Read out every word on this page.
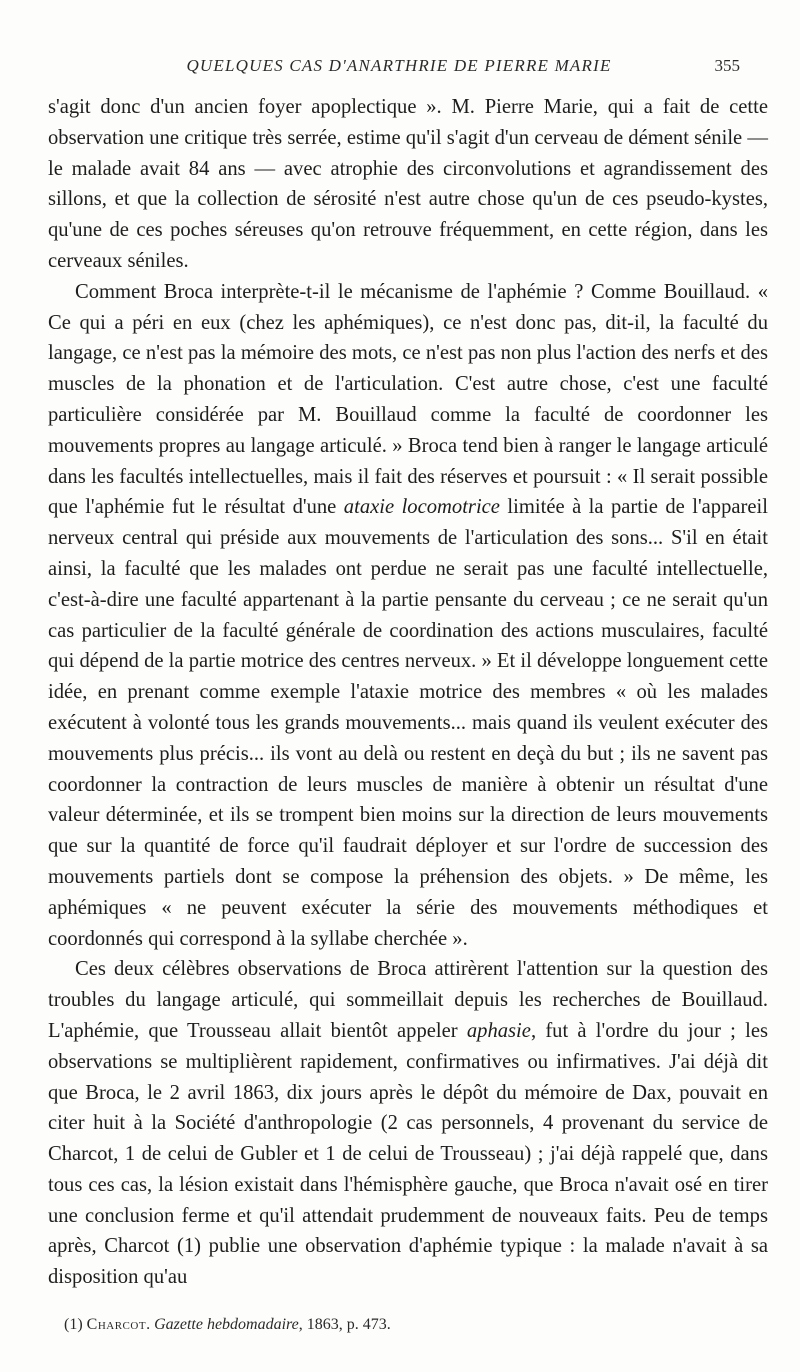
QUELQUES CAS D'ANARTHRIE DE PIERRE MARIE	355

s'agit donc d'un ancien foyer apoplectique ». M. Pierre Marie, qui a fait de cette observation une critique très serrée, estime qu'il s'agit d'un cerveau de dément sénile — le malade avait 84 ans — avec atrophie des circonvolutions et agrandissement des sillons, et que la collection de sérosité n'est autre chose qu'un de ces pseudo-kystes, qu'une de ces poches séreuses qu'on retrouve fréquemment, en cette région, dans les cerveaux séniles.

Comment Broca interprète-t-il le mécanisme de l'aphémie ? Comme Bouillaud. « Ce qui a péri en eux (chez les aphémiques), ce n'est donc pas, dit-il, la faculté du langage, ce n'est pas la mémoire des mots, ce n'est pas non plus l'action des nerfs et des muscles de la phonation et de l'articulation. C'est autre chose, c'est une faculté particulière considérée par M. Bouillaud comme la faculté de coordonner les mouvements propres au langage articulé. » Broca tend bien à ranger le langage articulé dans les facultés intellectuelles, mais il fait des réserves et poursuit : « Il serait possible que l'aphémie fut le résultat d'une ataxie locomotrice limitée à la partie de l'appareil nerveux central qui préside aux mouvements de l'articulation des sons... S'il en était ainsi, la faculté que les malades ont perdue ne serait pas une faculté intellectuelle, c'est-à-dire une faculté appartenant à la partie pensante du cerveau ; ce ne serait qu'un cas particulier de la faculté générale de coordination des actions musculaires, faculté qui dépend de la partie motrice des centres nerveux. » Et il développe longuement cette idée, en prenant comme exemple l'ataxie motrice des membres « où les malades exécutent à volonté tous les grands mouvements... mais quand ils veulent exécuter des mouvements plus précis... ils vont au delà ou restent en deçà du but ; ils ne savent pas coordonner la contraction de leurs muscles de manière à obtenir un résultat d'une valeur déterminée, et ils se trompent bien moins sur la direction de leurs mouvements que sur la quantité de force qu'il faudrait déployer et sur l'ordre de succession des mouvements partiels dont se compose la préhension des objets. » De même, les aphémiques « ne peuvent exécuter la série des mouvements méthodiques et coordonnés qui correspond à la syllabe cherchée ».

Ces deux célèbres observations de Broca attirèrent l'attention sur la question des troubles du langage articulé, qui sommeillait depuis les recherches de Bouillaud. L'aphémie, que Trousseau allait bientôt appeler aphasie, fut à l'ordre du jour ; les observations se multiplièrent rapidement, confirmatives ou infirmatives. J'ai déjà dit que Broca, le 2 avril 1863, dix jours après le dépôt du mémoire de Dax, pouvait en citer huit à la Société d'anthropologie (2 cas personnels, 4 provenant du service de Charcot, 1 de celui de Gubler et 1 de celui de Trousseau) ; j'ai déjà rappelé que, dans tous ces cas, la lésion existait dans l'hémisphère gauche, que Broca n'avait osé en tirer une conclusion ferme et qu'il attendait prudemment de nouveaux faits. Peu de temps après, Charcot (1) publie une observation d'aphémie typique : la malade n'avait à sa disposition qu'au

(1) Charcot. Gazette hebdomadaire, 1863, p. 473.
